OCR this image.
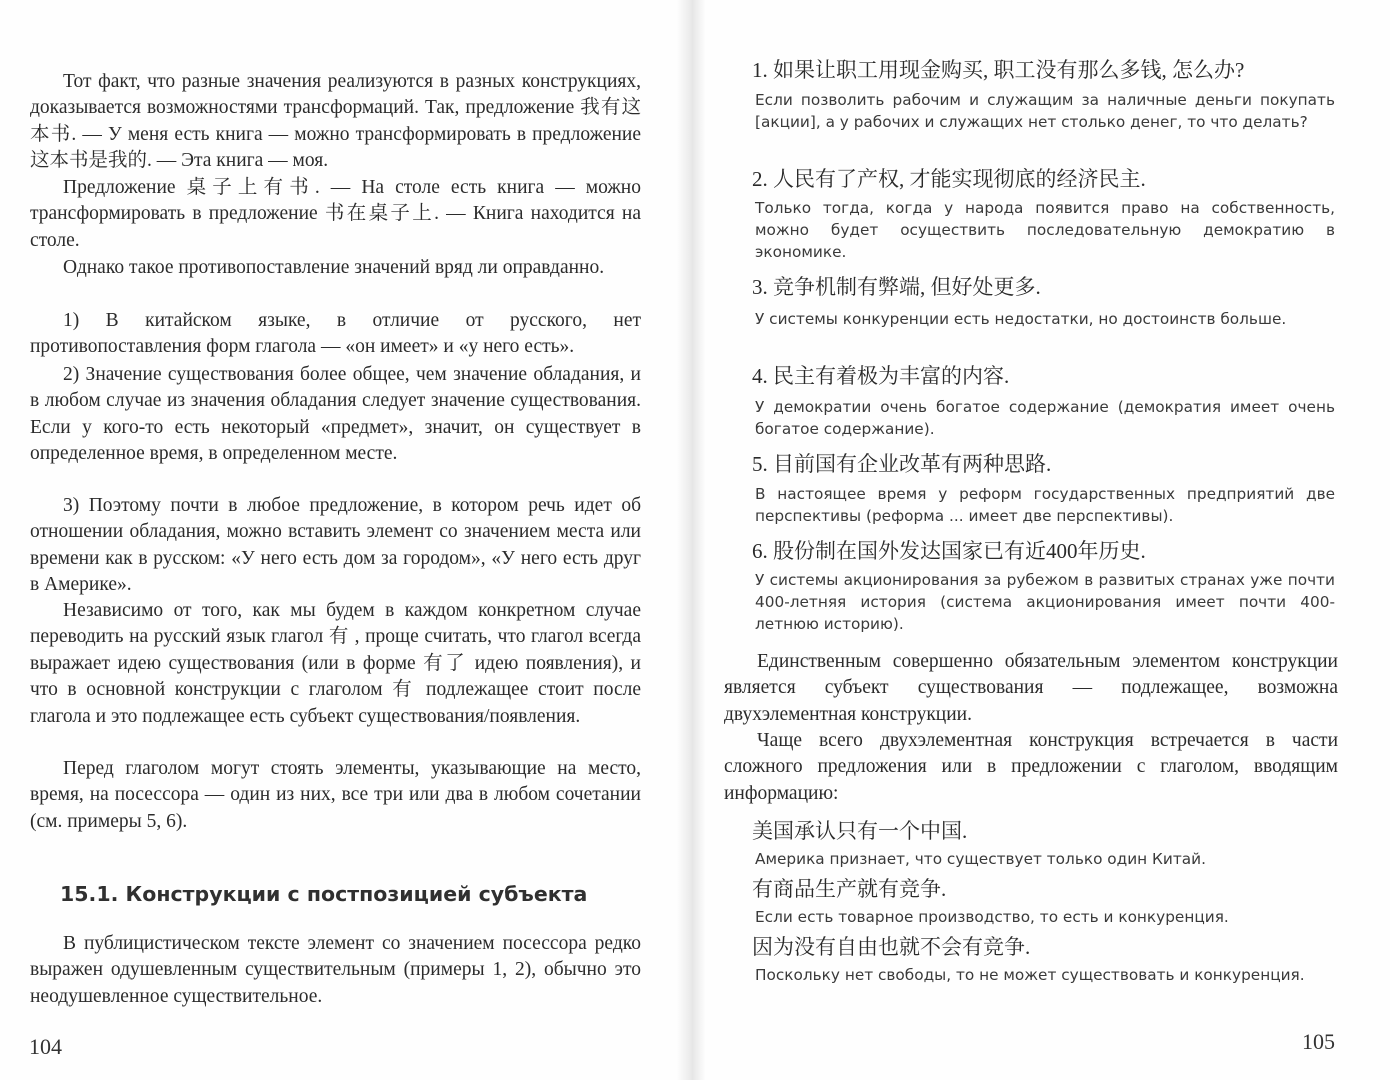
Тот факт, что разные значения реализуются в разных конструкциях, доказывается возможностями трансформаций. Так, предложение 我有这本书. — У меня есть книга — можно трансформировать в предложение 这本书是我的. — Эта книга — моя.

Предложение 桌子上有书. — На столе есть книга — можно трансформировать в предложение 书在桌子上. — Книга находится на столе.

Однако такое противопоставление значений вряд ли оправданно.

1) В китайском языке, в отличие от русского, нет противопоставления форм глагола — «он имеет» и «у него есть».

2) Значение существования более общее, чем значение обладания, и в любом случае из значения обладания следует значение существования. Если у кого-то есть некоторый «предмет», значит, он существует в определенное время, в определенном месте.

3) Поэтому почти в любое предложение, в котором речь идет об отношении обладания, можно вставить элемент со значением места или времени как в русском: «У него есть дом за городом», «У него есть друг в Америке».

Независимо от того, как мы будем в каждом конкретном случае переводить на русский язык глагол 有 , проще считать, что глагол всегда выражает идею существования (или в форме 有了 идею появления), и что в основной конструкции с глаголом 有 подлежащее стоит после глагола и это подлежащее есть субъект существования/появления.

Перед глаголом могут стоять элементы, указывающие на место, время, на посессора — один из них, все три или два в любом сочетании (см. примеры 5, 6).

15.1. Конструкции с постпозицией субъекта

В публицистическом тексте элемент со значением посессора редко выражен одушевленным существительным (примеры 1, 2), обычно это неодушевленное существительное.

104

1. 如果让职工用现金购买, 职工没有那么多钱, 怎么办?

Если позволить рабочим и служащим за наличные деньги покупать [акции], а у рабочих и служащих нет столько денег, то что делать?

2. 人民有了产权, 才能实现彻底的经济民主.

Только тогда, когда у народа появится право на собственность, можно будет осуществить последовательную демократию в экономике.

3. 竞争机制有弊端, 但好处更多.

У системы конкуренции есть недостатки, но достоинств больше.

4. 民主有着极为丰富的内容.

У демократии очень богатое содержание (демократия имеет очень богатое содержание).

5. 目前国有企业改革有两种思路.

В настоящее время у реформ государственных предприятий две перспективы (реформа ... имеет две перспективы).

6. 股份制在国外发达国家已有近400年历史.

У системы акционирования за рубежом в развитых странах уже почти 400-летняя история (система акционирования имеет почти 400-летнюю историю).

Единственным совершенно обязательным элементом конструкции является субъект существования — подлежащее, возможна двухэлементная конструкции.

Чаще всего двухэлементная конструкция встречается в части сложного предложения или в предложении с глаголом, вводящим информацию:

美国承认只有一个中国.

Америка признает, что существует только один Китай.

有商品生产就有竞争.

Если есть товарное производство, то есть и конкуренция.

因为没有自由也就不会有竞争.

Поскольку нет свободы, то не может существовать и конкуренция.

105
